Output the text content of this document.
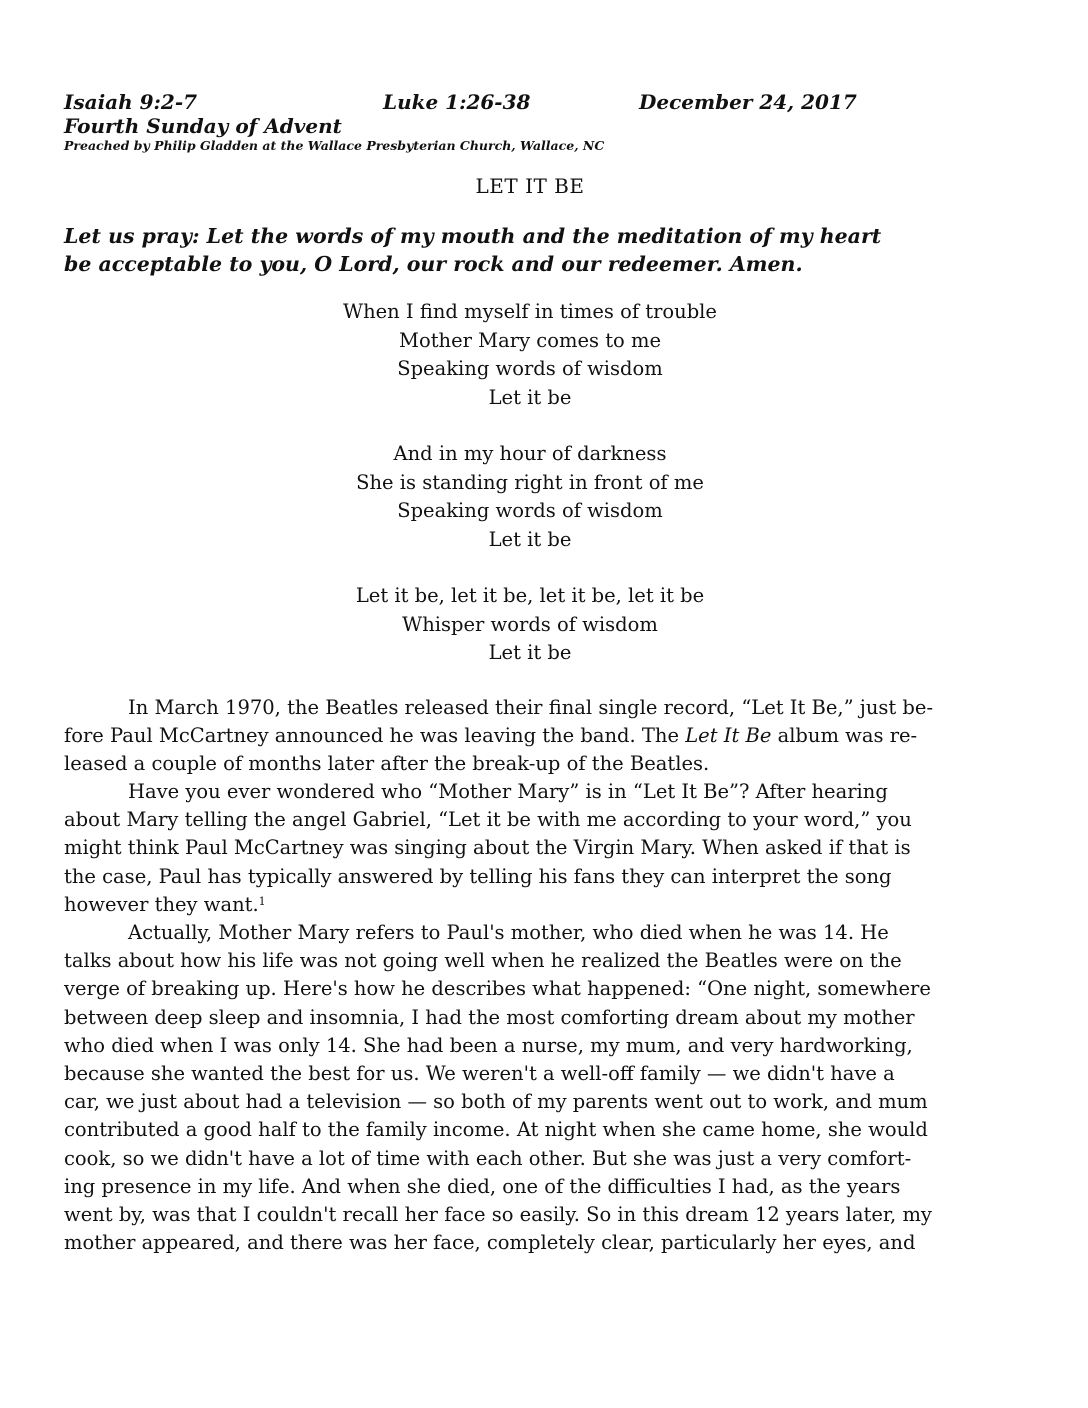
Isaiah 9:2-7	Luke 1:26-38	December 24, 2017
Fourth Sunday of Advent
Preached by Philip Gladden at the Wallace Presbyterian Church, Wallace, NC
LET IT BE
Let us pray: Let the words of my mouth and the meditation of my heart
be acceptable to you, O Lord, our rock and our redeemer. Amen.
When I find myself in times of trouble
Mother Mary comes to me
Speaking words of wisdom
Let it be
And in my hour of darkness
She is standing right in front of me
Speaking words of wisdom
Let it be
Let it be, let it be, let it be, let it be
Whisper words of wisdom
Let it be
In March 1970, the Beatles released their final single record, “Let It Be,” just be-
fore Paul McCartney announced he was leaving the band. The Let It Be album was re-
leased a couple of months later after the break-up of the Beatles.
Have you ever wondered who “Mother Mary” is in “Let It Be”? After hearing
about Mary telling the angel Gabriel, “Let it be with me according to your word,” you
might think Paul McCartney was singing about the Virgin Mary. When asked if that is
the case, Paul has typically answered by telling his fans they can interpret the song
however they want.$^1$
Actually, Mother Mary refers to Paul's mother, who died when he was 14. He
talks about how his life was not going well when he realized the Beatles were on the
verge of breaking up. Here's how he describes what happened: “One night, somewhere
between deep sleep and insomnia, I had the most comforting dream about my mother
who died when I was only 14. She had been a nurse, my mum, and very hardworking,
because she wanted the best for us. We weren't a well-off family — we didn't have a
car, we just about had a television — so both of my parents went out to work, and mum
contributed a good half to the family income. At night when she came home, she would
cook, so we didn't have a lot of time with each other. But she was just a very comfort-
ing presence in my life. And when she died, one of the difficulties I had, as the years
went by, was that I couldn't recall her face so easily. So in this dream 12 years later, my
mother appeared, and there was her face, completely clear, particularly her eyes, and
